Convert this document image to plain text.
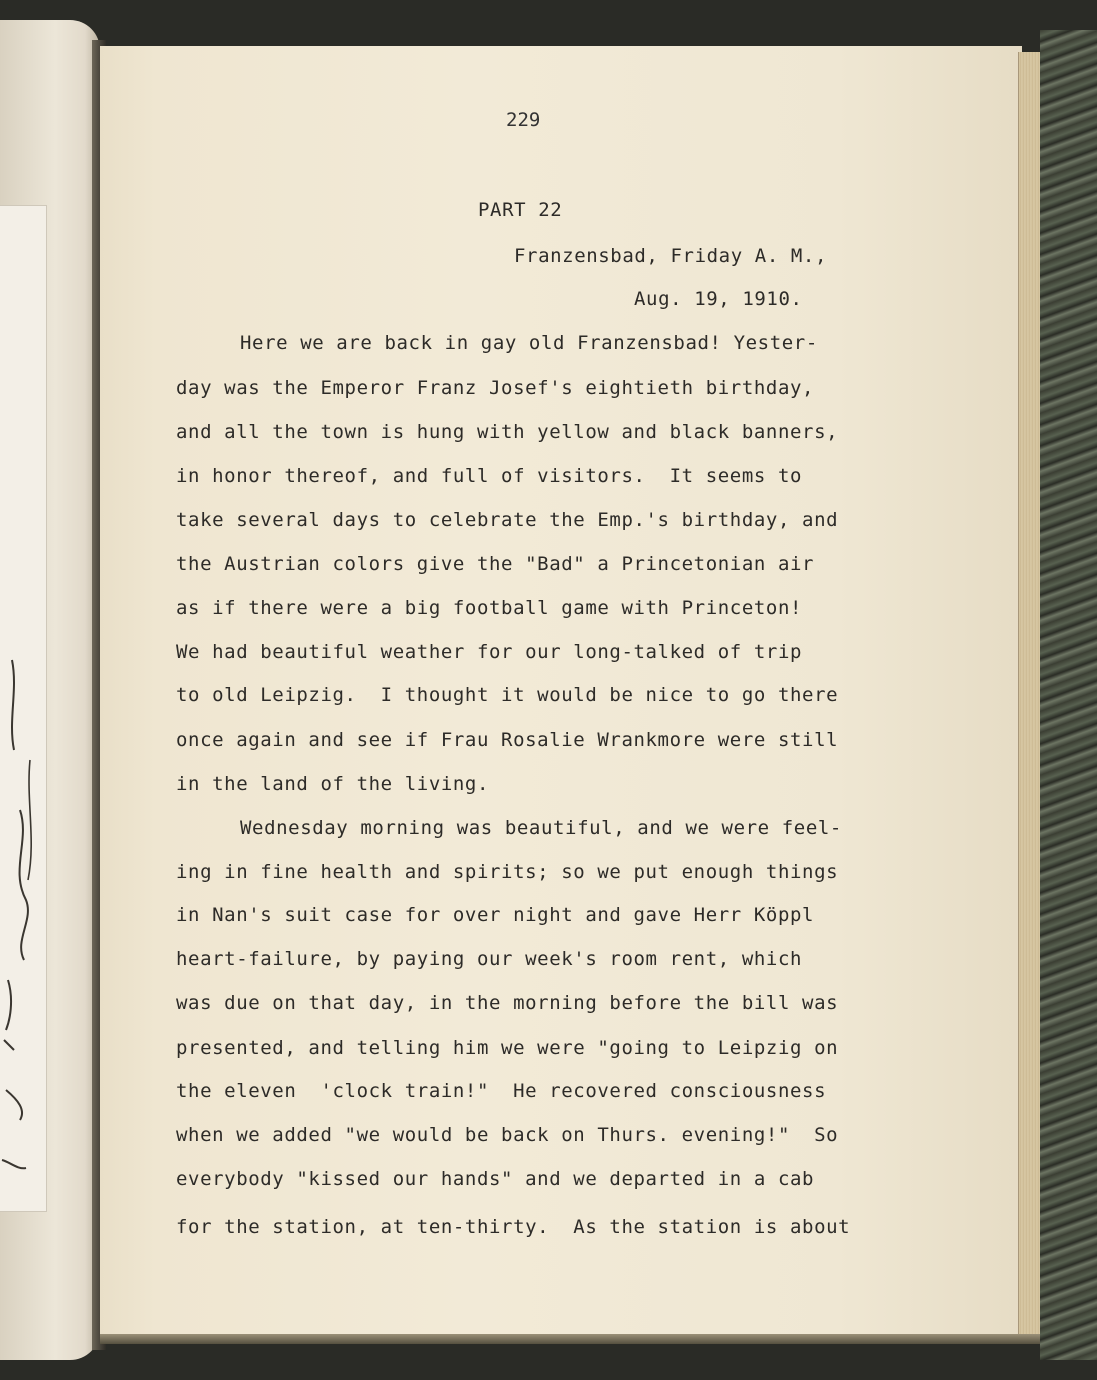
229
PART 22
Franzensbad, Friday A. M.,
Aug. 19, 1910.
Here we are back in gay old Franzensbad! Yester-
day was the Emperor Franz Josef's eightieth birthday,
and all the town is hung with yellow and black banners,
in honor thereof, and full of visitors.  It seems to
take several days to celebrate the Emp.'s birthday, and
the Austrian colors give the "Bad" a Princetonian air
as if there were a big football game with Princeton!
We had beautiful weather for our long-talked of trip
to old Leipzig.  I thought it would be nice to go there
once again and see if Frau Rosalie Wrankmore were still
in the land of the living.
Wednesday morning was beautiful, and we were feel-
ing in fine health and spirits; so we put enough things
in Nan's suit case for over night and gave Herr Köppl
heart-failure, by paying our week's room rent, which
was due on that day, in the morning before the bill was
presented, and telling him we were "going to Leipzig on
the eleven  'clock train!"  He recovered consciousness
when we added "we would be back on Thurs. evening!"  So
everybody "kissed our hands" and we departed in a cab
for the station, at ten-thirty.  As the station is about
